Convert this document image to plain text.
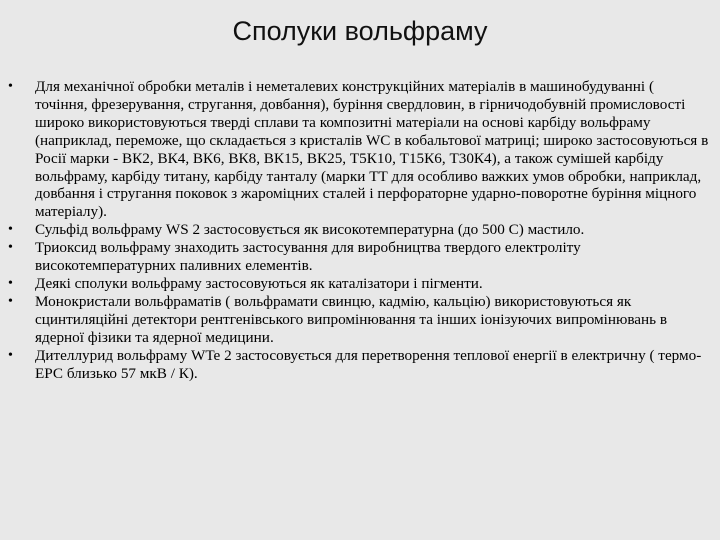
Сполуки вольфраму
• Для механічної обробки металів і неметалевих конструкційних матеріалів в машинобудуванні ( точіння, фрезерування, стругання, довбання), буріння свердловин, в гірничодобувній промисловості широко використовуються тверді сплави та композитні матеріали на основі карбіду вольфраму (наприклад, переможе, що складається з кристалів WC в кобальтової матриці; широко застосовуються в Росії марки - ВК2, ВК4, ВК6, ВК8, ВК15, ВК25, Т5К10, Т15К6, Т30К4), а також сумішей карбіду вольфраму, карбіду титану, карбіду танталу (марки ТТ для особливо важких умов обробки, наприклад, довбання і стругання поковок з жароміцних сталей і перфораторне ударно-поворотне буріння міцного матеріалу).
• Сульфід вольфраму WS 2 застосовується як високотемпературна (до 500 C) мастило.
• Триоксид вольфраму знаходить застосування для виробництва твердого електроліту високотемпературних паливних елементів.
• Деякі сполуки вольфраму застосовуються як каталізатори і пігменти.
• Монокристали вольфраматів ( вольфрамати свинцю, кадмію, кальцію) використовуються як сцинтиляційні детектори рентгенівського випромінювання та інших іонізуючих випромінювань в ядерної фізики та ядерної медицини.
• Дителлурид вольфраму WTe 2 застосовується для перетворення теплової енергії в електричну ( термо-ЕРС близько 57 мкВ / К).
